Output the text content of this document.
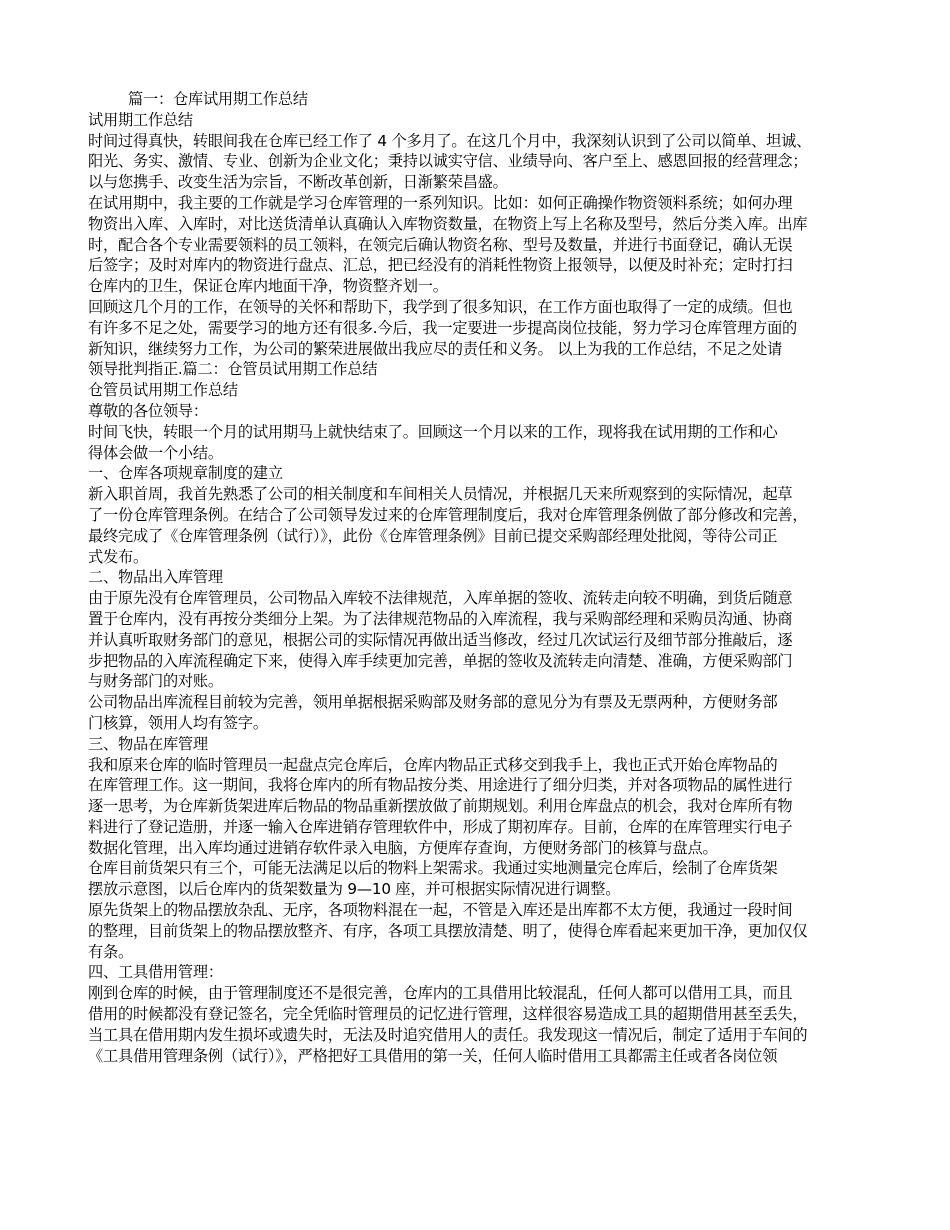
篇一：仓库试用期工作总结
试用期工作总结
时间过得真快，转眼间我在仓库已经工作了 4 个多月了。在这几个月中，我深刻认识到了公司以简单、坦诚、
阳光、务实、激情、专业、创新为企业文化；秉持以诚实守信、业绩导向、客户至上、感恩回报的经营理念；
以与您携手、改变生活为宗旨，不断改革创新，日渐繁荣昌盛。
在试用期中，我主要的工作就是学习仓库管理的一系列知识。比如：如何正确操作物资领料系统；如何办理
物资出入库、入库时，对比送货清单认真确认入库物资数量，在物资上写上名称及型号，然后分类入库。出库
时，配合各个专业需要领料的员工领料，在领完后确认物资名称、型号及数量，并进行书面登记，确认无误
后签字；及时对库内的物资进行盘点、汇总，把已经没有的消耗性物资上报领导，以便及时补充；定时打扫
仓库内的卫生，保证仓库内地面干净，物资整齐划一。
回顾这几个月的工作，在领导的关怀和帮助下，我学到了很多知识，在工作方面也取得了一定的成绩。但也
有许多不足之处，需要学习的地方还有很多.今后，我一定要进一步提高岗位技能，努力学习仓库管理方面的
新知识，继续努力工作，为公司的繁荣进展做出我应尽的责任和义务。 以上为我的工作总结，不足之处请
领导批判指正.篇二：仓管员试用期工作总结
仓管员试用期工作总结
尊敬的各位领导：
时间飞快，转眼一个月的试用期马上就快结束了。回顾这一个月以来的工作，现将我在试用期的工作和心
得体会做一个小结。
一、仓库各项规章制度的建立
新入职首周，我首先熟悉了公司的相关制度和车间相关人员情况，并根据几天来所观察到的实际情况，起草
了一份仓库管理条例。在结合了公司领导发过来的仓库管理制度后，我对仓库管理条例做了部分修改和完善，
最终完成了《仓库管理条例（试行）》，此份《仓库管理条例》目前已提交采购部经理处批阅，等待公司正
式发布。
二、物品出入库管理
由于原先没有仓库管理员，公司物品入库较不法律规范，入库单据的签收、流转走向较不明确，到货后随意
置于仓库内，没有再按分类细分上架。为了法律规范物品的入库流程，我与采购部经理和采购员沟通、协商
并认真听取财务部门的意见，根据公司的实际情况再做出适当修改，经过几次试运行及细节部分推敲后，逐
步把物品的入库流程确定下来，使得入库手续更加完善，单据的签收及流转走向清楚、准确，方便采购部门
与财务部门的对账。
公司物品出库流程目前较为完善，领用单据根据采购部及财务部的意见分为有票及无票两种，方便财务部
门核算，领用人均有签字。
三、物品在库管理
我和原来仓库的临时管理员一起盘点完仓库后，仓库内物品正式移交到我手上，我也正式开始仓库物品的
在库管理工作。这一期间，我将仓库内的所有物品按分类、用途进行了细分归类，并对各项物品的属性进行
逐一思考，为仓库新货架进库后物品的物品重新摆放做了前期规划。利用仓库盘点的机会，我对仓库所有物
料进行了登记造册，并逐一输入仓库进销存管理软件中，形成了期初库存。目前，仓库的在库管理实行电子
数据化管理，出入库均通过进销存软件录入电脑，方便库存查询，方便财务部门的核算与盘点。
仓库目前货架只有三个，可能无法满足以后的物料上架需求。我通过实地测量完仓库后，绘制了仓库货架
摆放示意图，以后仓库内的货架数量为 9—10 座，并可根据实际情况进行调整。
原先货架上的物品摆放杂乱、无序，各项物料混在一起，不管是入库还是出库都不太方便，我通过一段时间
的整理，目前货架上的物品摆放整齐、有序，各项工具摆放清楚、明了，使得仓库看起来更加干净，更加仅仅
有条。
四、工具借用管理：
刚到仓库的时候，由于管理制度还不是很完善，仓库内的工具借用比较混乱，任何人都可以借用工具，而且
借用的时候都没有登记签名，完全凭临时管理员的记忆进行管理，这样很容易造成工具的超期借用甚至丢失，
当工具在借用期内发生损坏或遗失时，无法及时追究借用人的责任。我发现这一情况后，制定了适用于车间的
《工具借用管理条例（试行）》，严格把好工具借用的第一关，任何人临时借用工具都需主任或者各岗位领
